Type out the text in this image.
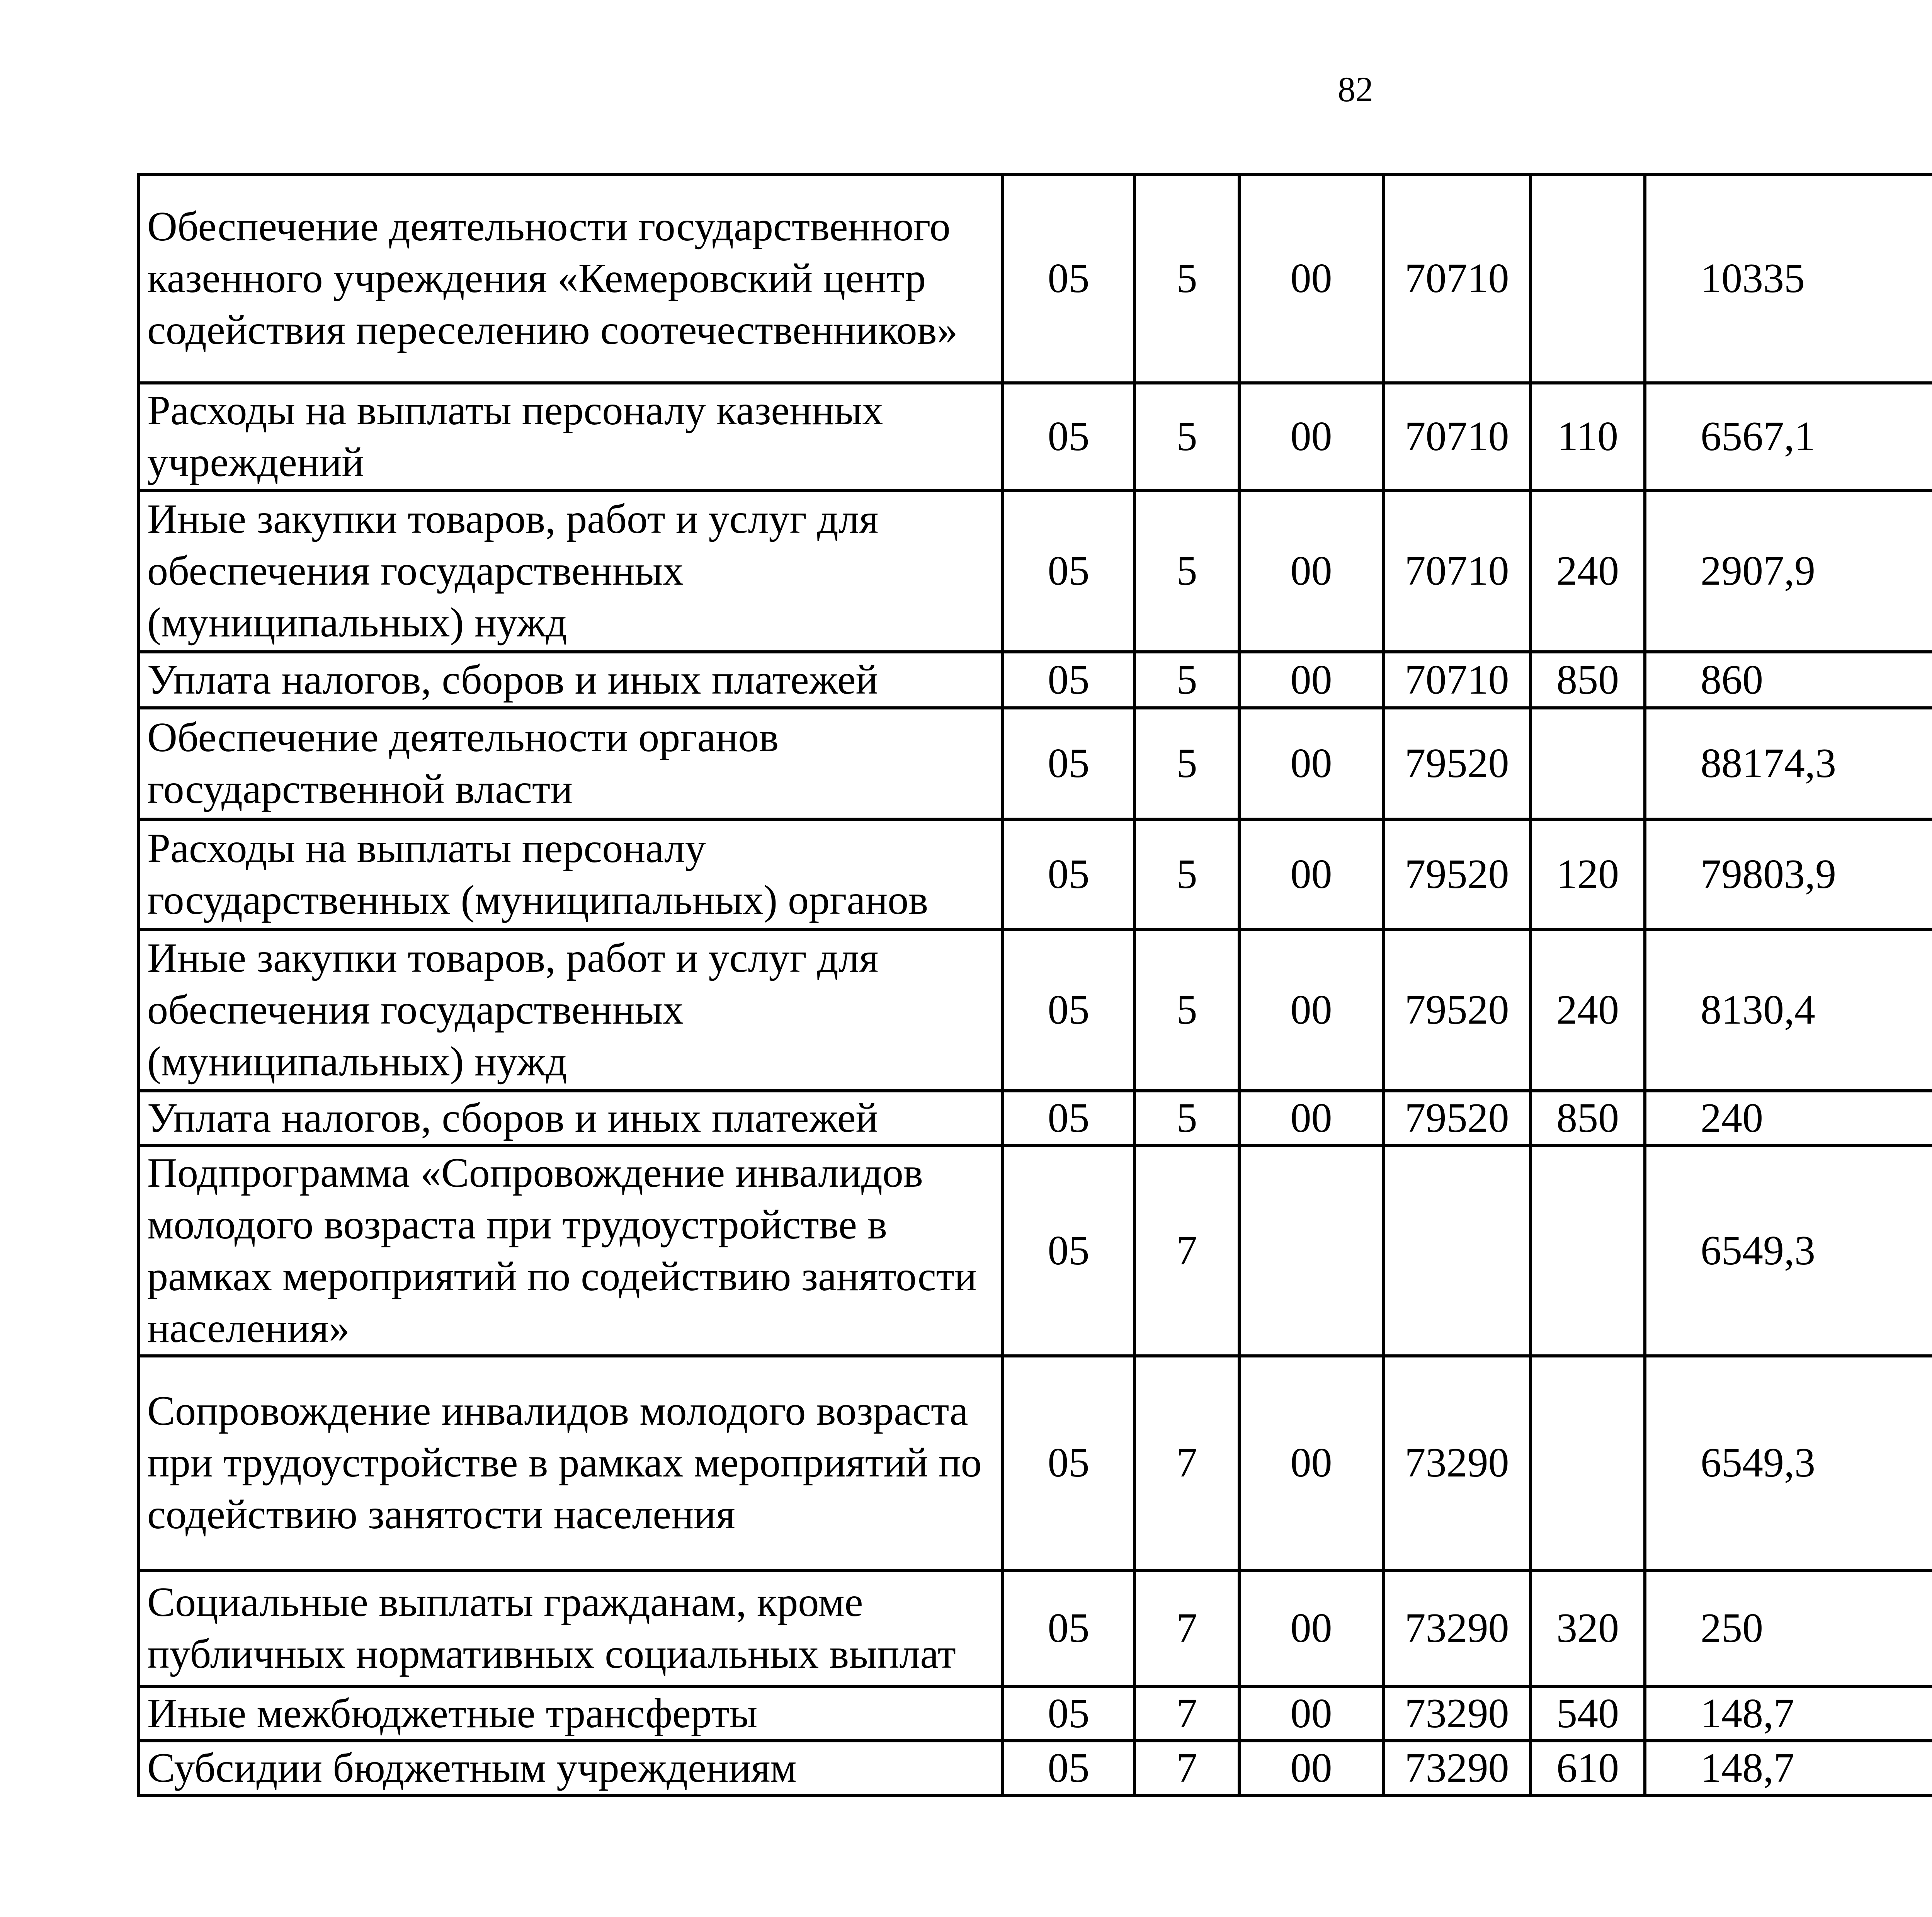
82
Обеспечение деятельности государственного казенного учреждения «Кемеровский центр содействия переселению соотечественников»	05	5	00	70710		10335		
Расходы на выплаты персоналу казенных учреждений	05	5	00	70710	110	6567,1		
Иные закупки товаров, работ и услуг для обеспечения государственных (муниципальных) нужд	05	5	00	70710	240	2907,9		
Уплата налогов, сборов и иных платежей	05	5	00	70710	850	860		
Обеспечение деятельности органов государственной власти	05	5	00	79520		88174,3		
Расходы на выплаты персоналу государственных (муниципальных) органов	05	5	00	79520	120	79803,9		
Иные закупки товаров, работ и услуг для обеспечения государственных (муниципальных) нужд	05	5	00	79520	240	8130,4		
Уплата налогов, сборов и иных платежей	05	5	00	79520	850	240		
Подпрограмма «Сопровождение инвалидов молодого возраста при трудоустройстве в рамках мероприятий по содействию занятости населения»	05	7				6549,3		
Сопровождение инвалидов молодого возраста при трудоустройстве в рамках мероприятий по содействию занятости населения	05	7	00	73290		6549,3		
Социальные выплаты гражданам, кроме публичных нормативных социальных выплат	05	7	00	73290	320	250		
Иные межбюджетные трансферты	05	7	00	73290	540	148,7		
Субсидии бюджетным учреждениям	05	7	00	73290	610	148,7		
